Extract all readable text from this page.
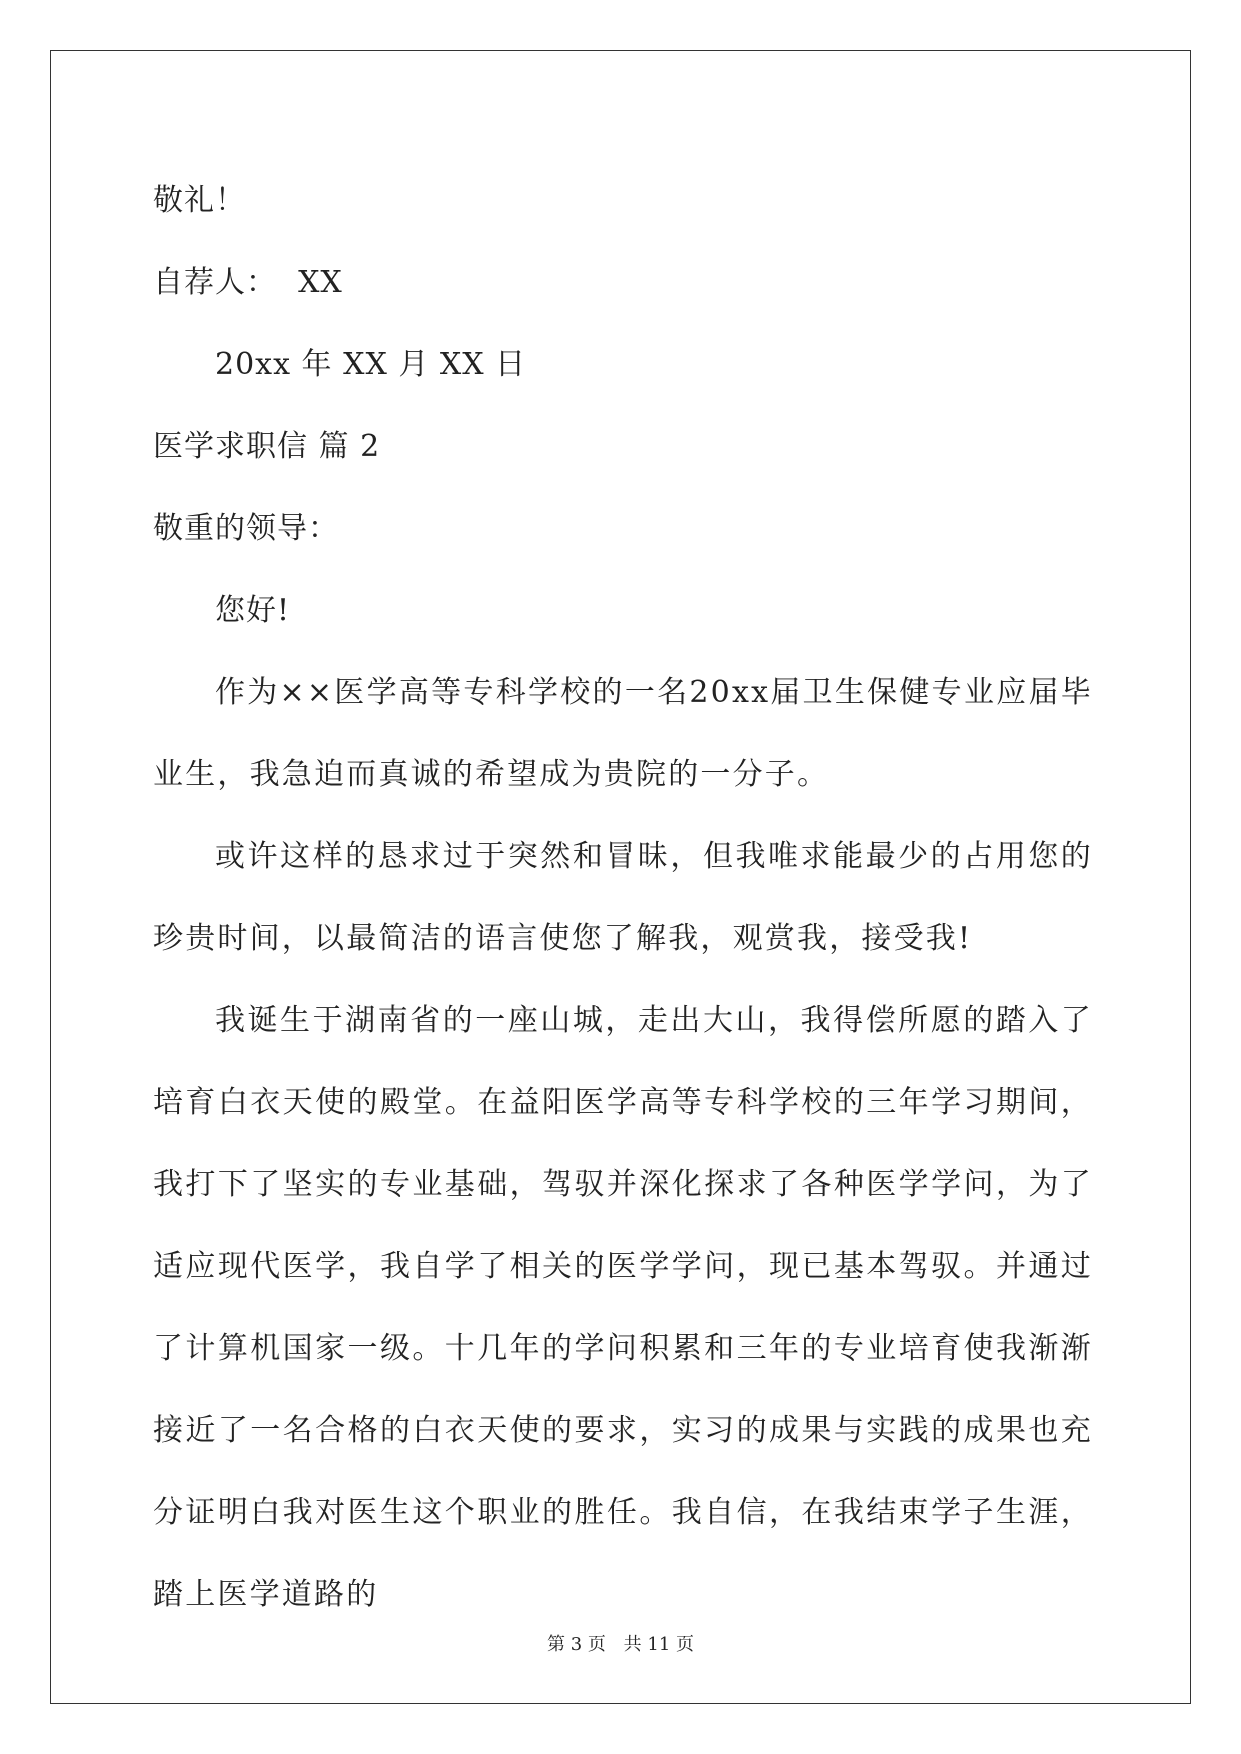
敬礼！
自荐人：  XX
20xx 年 XX 月 XX 日
医学求职信 篇 2
敬重的领导：
您好!
作为××医学高等专科学校的一名20xx届卫生保健专业应届毕业生，我急迫而真诚的希望成为贵院的一分子。
或许这样的恳求过于突然和冒昧，但我唯求能最少的占用您的珍贵时间，以最简洁的语言使您了解我，观赏我，接受我!
我诞生于湖南省的一座山城，走出大山，我得偿所愿的踏入了培育白衣天使的殿堂。在益阳医学高等专科学校的三年学习期间，我打下了坚实的专业基础，驾驭并深化探求了各种医学学问，为了适应现代医学，我自学了相关的医学学问，现已基本驾驭。并通过了计算机国家一级。十几年的学问积累和三年的专业培育使我渐渐接近了一名合格的白衣天使的要求，实习的成果与实践的成果也充分证明白我对医生这个职业的胜任。我自信，在我结束学子生涯，踏上医学道路的
第 3 页 共 11 页
